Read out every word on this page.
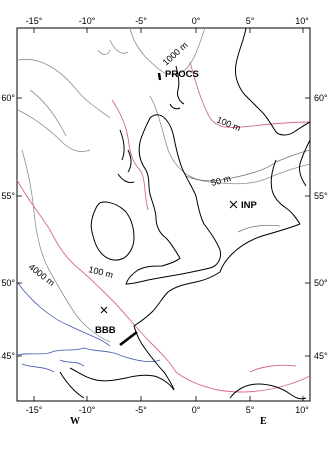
PROCS
INP
BBB
1000 m
100 m
50 m
100 m
4000 m
-15°	-10°	-5°	0°	5°	10°
-15°	-10°	-5°	0°	5°	10°
60°
55°
50°
45°
60°
55°
50°
45°
W	E
